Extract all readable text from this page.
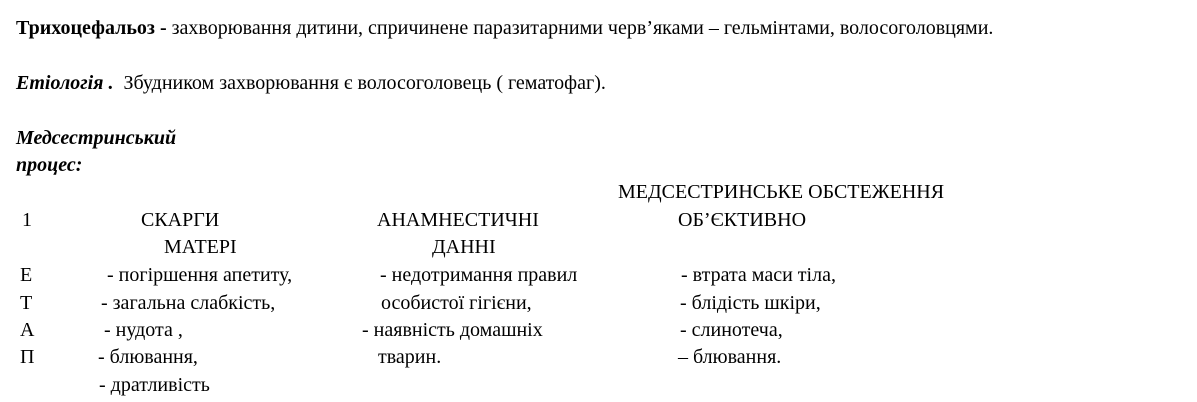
Трихоцефальоз - захворювання дитини, спричинене паразитарними черв’яками – гельмінтами, волосоголовцями.
Етіологія . Збудником захворювання є волосоголовець ( гематофаг).
Медсестринський
процес:
МЕДСЕСТРИНСЬКЕ ОБСТЕЖЕННЯ
1	СКАРГИ
МАТЕРІ
АНАМНЕСТИЧНІ
ДАННІ
ОБ’ЄКТИВНО
Е
Т
А
П
- погіршення апетиту,
- загальна слабкість,
- нудота ,
- блювання,
- дратливість
- недотримання правил
особистої гігієни,
- наявність домашніх
тварин.
- втрата маси тіла,
- блідість шкіри,
- слинотеча,
– блювання.
